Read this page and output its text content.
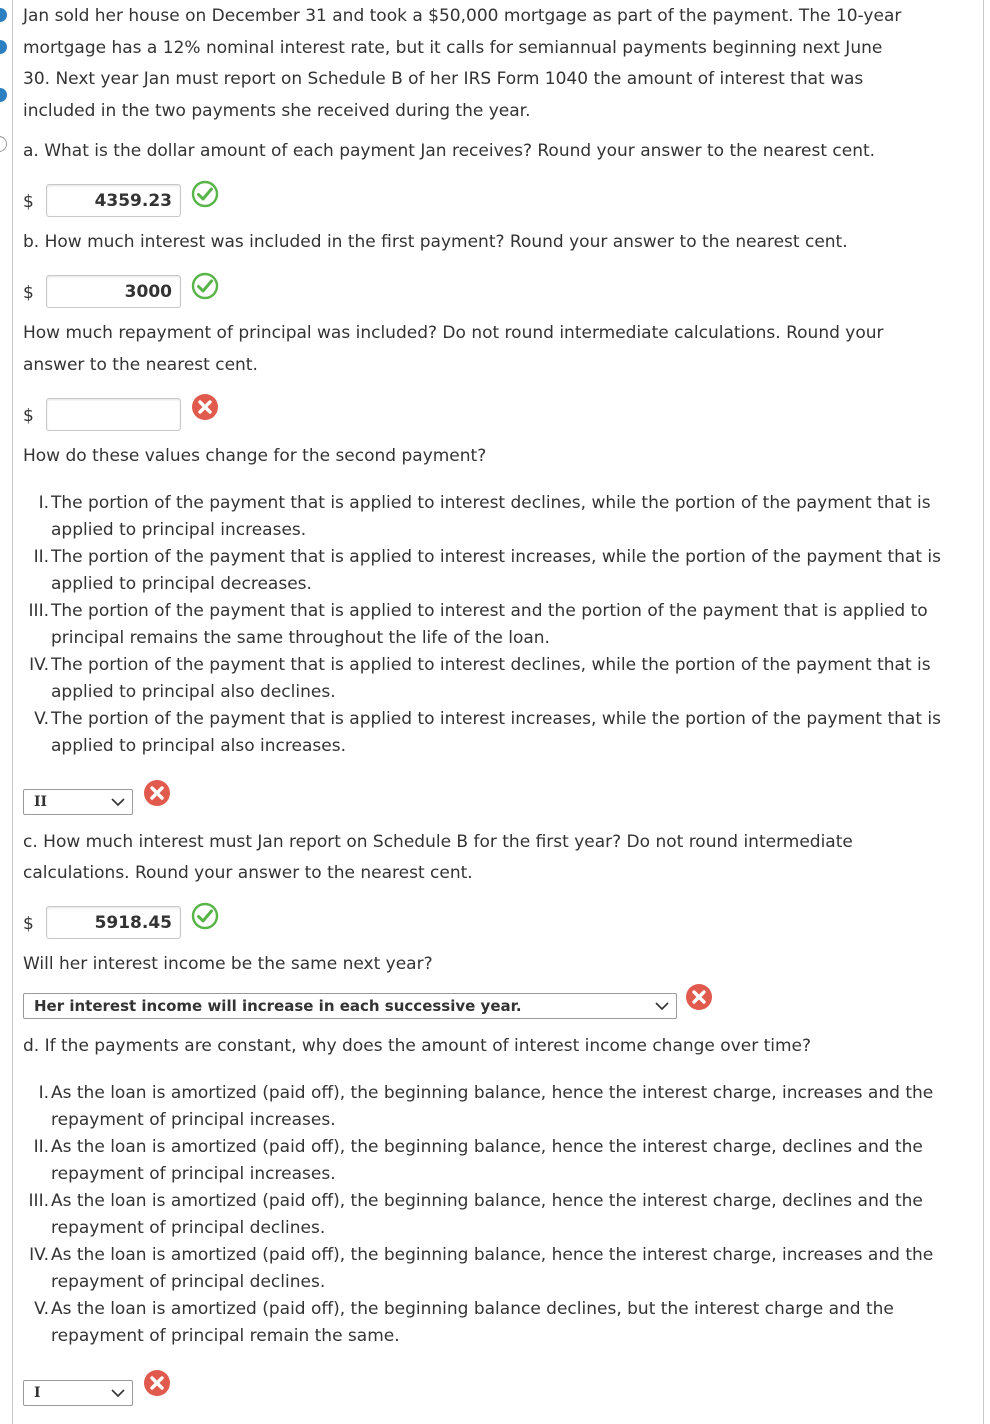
Jan sold her house on December 31 and took a $50,000 mortgage as part of the payment. The 10-year

mortgage has a 12% nominal interest rate, but it calls for semiannual payments beginning next June

30. Next year Jan must report on Schedule B of her IRS Form 1040 the amount of interest that was

included in the two payments she received during the year.

a. What is the dollar amount of each payment Jan receives? Round your answer to the nearest cent.

$
4359.23

b. How much interest was included in the first payment? Round your answer to the nearest cent.

$
3000

How much repayment of principal was included? Do not round intermediate calculations. Round your

answer to the nearest cent.

$

How do these values change for the second payment?

I. The portion of the payment that is applied to interest declines, while the portion of the payment that is applied to principal increases.
II. The portion of the payment that is applied to interest increases, while the portion of the payment that is applied to principal decreases.
III. The portion of the payment that is applied to interest and the portion of the payment that is applied to principal remains the same throughout the life of the loan.
IV. The portion of the payment that is applied to interest declines, while the portion of the payment that is applied to principal also declines.
V. The portion of the payment that is applied to interest increases, while the portion of the payment that is applied to principal also increases.
II

c. How much interest must Jan report on Schedule B for the first year? Do not round intermediate

calculations. Round your answer to the nearest cent.

$
5918.45

Will her interest income be the same next year?

Her interest income will increase in each successive year.

d. If the payments are constant, why does the amount of interest income change over time?

I. As the loan is amortized (paid off), the beginning balance, hence the interest charge, increases and the repayment of principal increases.
II. As the loan is amortized (paid off), the beginning balance, hence the interest charge, declines and the repayment of principal increases.
III. As the loan is amortized (paid off), the beginning balance, hence the interest charge, declines and the repayment of principal declines.
IV. As the loan is amortized (paid off), the beginning balance, hence the interest charge, increases and the repayment of principal declines.
V. As the loan is amortized (paid off), the beginning balance declines, but the interest charge and the repayment of principal remain the same.
I
